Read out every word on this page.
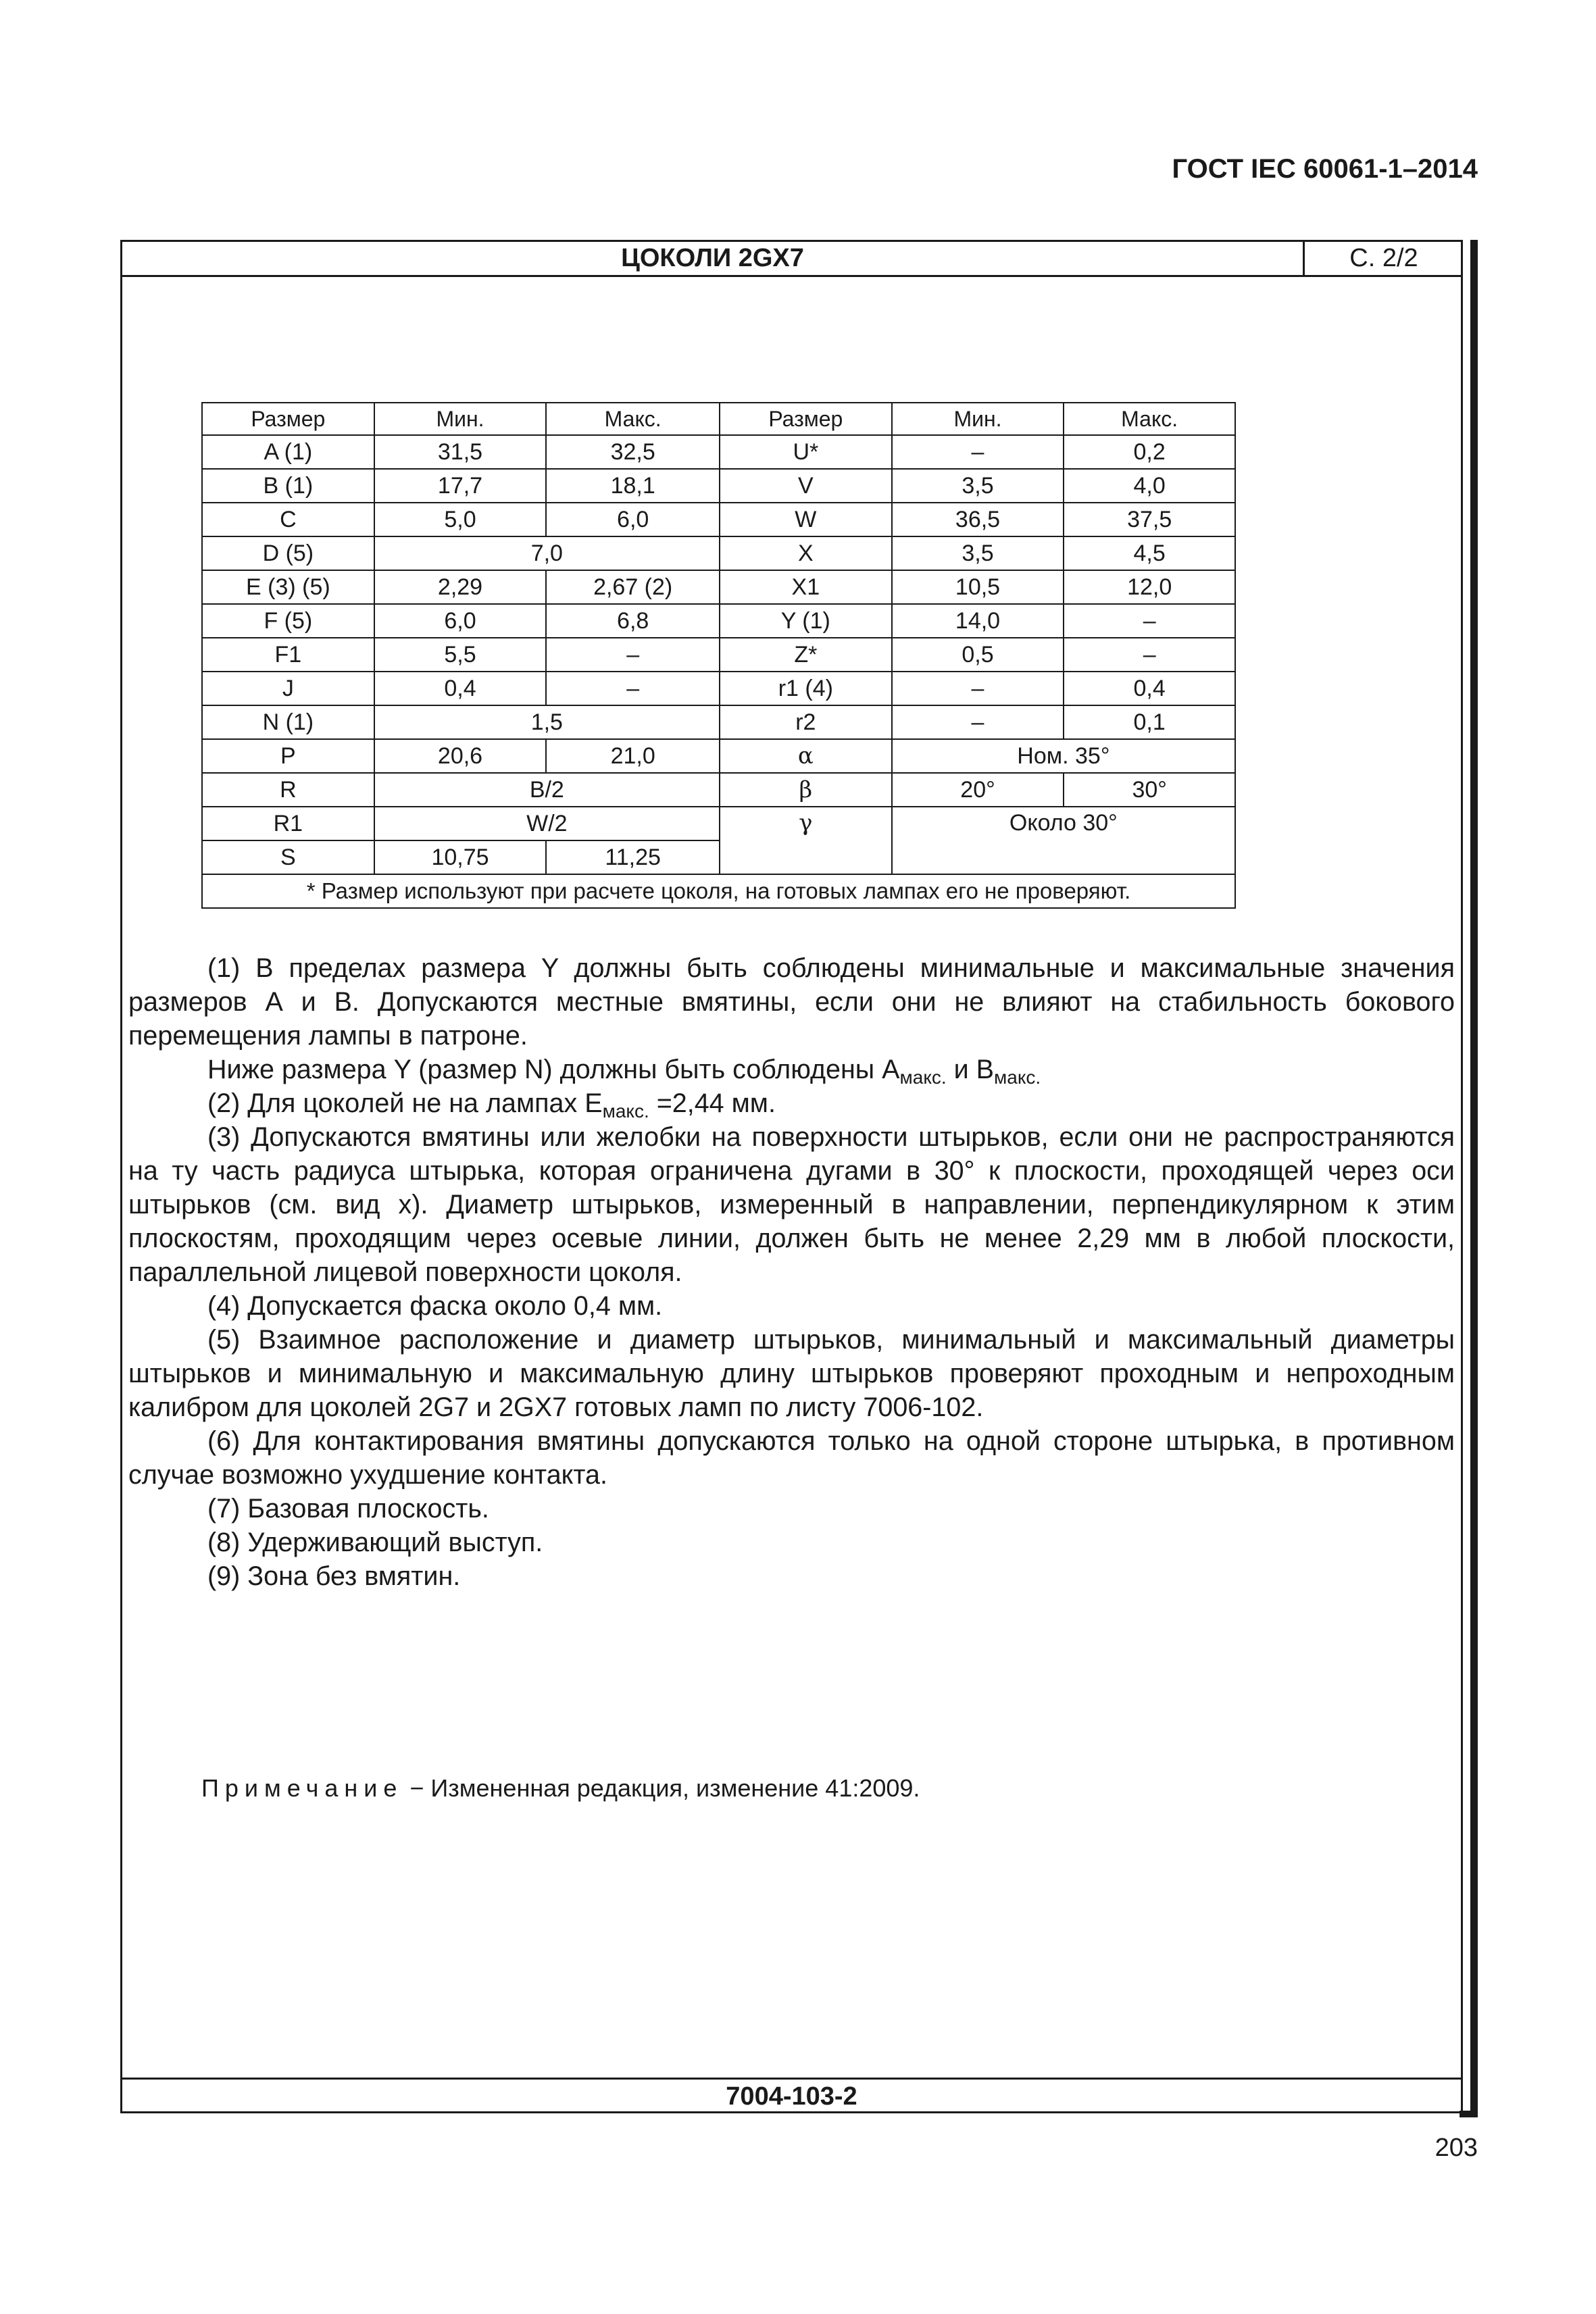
ГОСТ IEC 60061-1–2014
ЦОКОЛИ 2GX7	С. 2/2
Размер	Мин.	Макс.	Размер	Мин.	Макс.
A (1)	31,5	32,5	U*	–	0,2
B (1)	17,7	18,1	V	3,5	4,0
C	5,0	6,0	W	36,5	37,5
D (5)	7,0		X	3,5	4,5
E (3) (5)	2,29	2,67 (2)	X1	10,5	12,0
F (5)	6,0	6,8	Y (1)	14,0	–
F1	5,5	–	Z*	0,5	–
J	0,4	–	r1 (4)	–	0,4
N (1)	1,5		r2	–	0,1
P	20,6	21,0	α	Ном. 35°	
R	B/2		β	20°	30°
R1	W/2		γ	Около 30°	
S	10,75	11,25			
* Размер используют при расчете цоколя, на готовых лампах его не проверяют.					

(1) В пределах размера Y должны быть соблюдены минимальные и максимальные значения размеров А и В. Допускаются местные вмятины, если они не влияют на стабильность бокового перемещения лампы в патроне.

Ниже размера Y (размер N) должны быть соблюдены $A_{макс.}$ и $B_{макс.}$

(2) Для цоколей не на лампах $E_{макс.} =2,44$ мм.

(3) Допускаются вмятины или желобки на поверхности штырьков, если они не распространяются на ту часть радиуса штырька, которая ограничена дугами в 30° к плоскости, проходящей через оси штырьков (см. вид х). Диаметр штырьков, измеренный в направлении, перпендикулярном к этим плоскостям, проходящим через осевые линии, должен быть не менее 2,29 мм в любой плоскости, параллельной лицевой поверхности цоколя.

(4) Допускается фаска около 0,4 мм.

(5) Взаимное расположение и диаметр штырьков, минимальный и максимальный диаметры штырьков и минимальную и максимальную длину штырьков проверяют проходным и непроходным калибром для цоколей 2G7 и 2GX7 готовых ламп по листу 7006-102.

(6) Для контактирования вмятины допускаются только на одной стороне штырька, в противном случае возможно ухудшение контакта.

(7) Базовая плоскость.

(8) Удерживающий выступ.

(9) Зона без вмятин.

Примечание − Измененная редакция, изменение 41:2009.
7004-103-2
203
